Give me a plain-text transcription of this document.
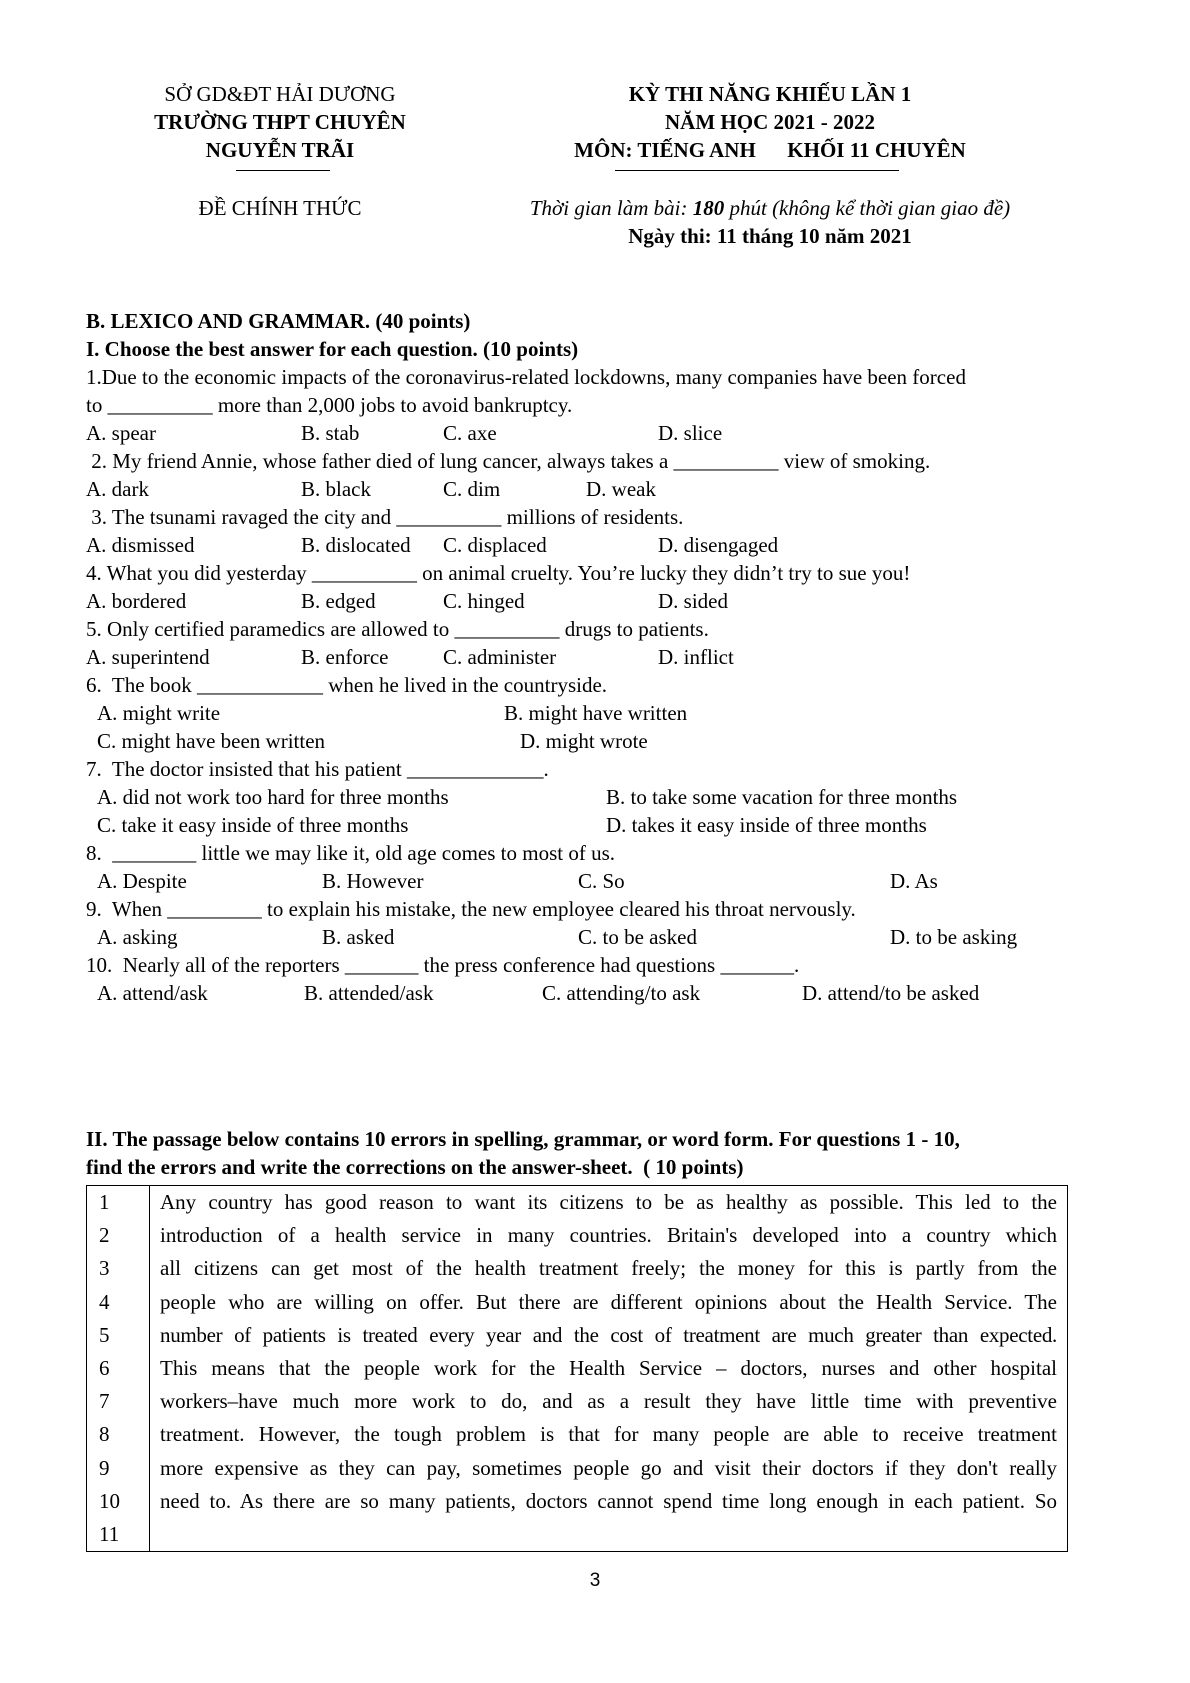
SỞ GD&ĐT HẢI DƯƠNG
TRƯỜNG THPT CHUYÊN
NGUYỄN TRÃI
ĐỀ CHÍNH THỨC
KỲ THI NĂNG KHIẾU LẦN 1
NĂM HỌC 2021 - 2022
MÔN: TIẾNG ANH      KHỐI 11 CHUYÊN
Thời gian làm bài: 180 phút (không kể thời gian giao đề)
Ngày thi: 11 tháng 10 năm 2021
B. LEXICO AND GRAMMAR. (40 points)
I. Choose the best answer for each question. (10 points)
1.Due to the economic impacts of the coronavirus-related lockdowns, many companies have been forced
to __________ more than 2,000 jobs to avoid bankruptcy.
A. spear	B. stab	C. axe	D. slice
2. My friend Annie, whose father died of lung cancer, always takes a __________ view of smoking.
A. dark	B. black	C. dim	D. weak
3. The tsunami ravaged the city and __________ millions of residents.
A. dismissed	B. dislocated C. displaced	D. disengaged
4. What you did yesterday __________ on animal cruelty. You’re lucky they didn’t try to sue you!
A. bordered	B. edged	C. hinged	D. sided
5. Only certified paramedics are allowed to __________ drugs to patients.
A. superintend	B. enforce	C. administer	D. inflict
6.  The book ____________ when he lived in the countryside.
A. might write	B. might have written
C. might have been written	D. might wrote
7.  The doctor insisted that his patient _____________.
A. did not work too hard for three months	B. to take some vacation for three months
C. take it easy inside of three months	D. takes it easy inside of three months
8.  ________ little we may like it, old age comes to most of us.
A. Despite	B. However	C. So	D. As
9.  When _________ to explain his mistake, the new employee cleared his throat nervously.
A. asking	B. asked	C. to be asked	D. to be asking
10.  Nearly all of the reporters _______ the press conference had questions _______.
A. attend/ask	B. attended/ask	C. attending/to ask	D. attend/to be asked
II. The passage below contains 10 errors in spelling, grammar, or word form. For questions 1 - 10,
find the errors and write the corrections on the answer-sheet.  ( 10 points)
1
2
3
4
5
6
7
8
9
10
11

Any country has good reason to want its citizens to be as healthy as possible. This led to the
introduction of a health service in many countries. Britain's developed into a country which
all citizens can get most of the health treatment freely; the money for this is partly from the
people who are willing on offer. But there are different opinions about the Health Service. The
number of patients is treated every year and the cost of treatment are much greater than expected.
This means that the people work for the Health Service – doctors, nurses and other hospital
workers–have much more work to do, and as a result they have little time with preventive
treatment. However, the tough problem is that for many people are able to receive treatment
more expensive as they can pay, sometimes people go and visit their doctors if they don't really
need to. As there are so many patients, doctors cannot spend time long enough in each patient. So
3
